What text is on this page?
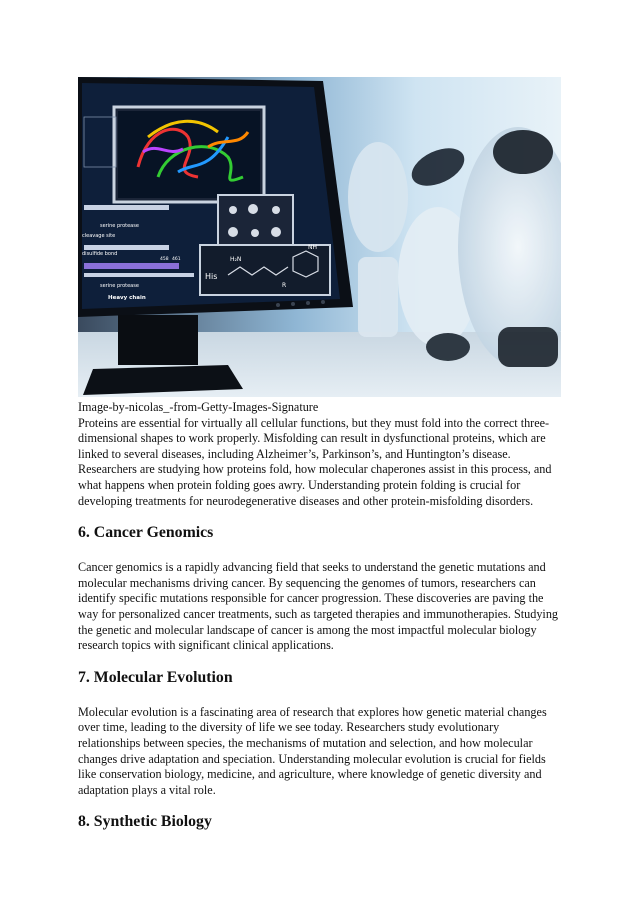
His
H₂N
NH
R
serine protease
cleavage site
disulfide bond
serine protease
Heavy chain
458 461

Image-by-nicolas_-from-Getty-Images-Signature

Proteins are essential for virtually all cellular functions, but they must fold into the correct three-dimensional shapes to work properly. Misfolding can result in dysfunctional proteins, which are linked to several diseases, including Alzheimer’s, Parkinson’s, and Huntington’s disease. Researchers are studying how proteins fold, how molecular chaperones assist in this process, and what happens when protein folding goes awry. Understanding protein folding is crucial for developing treatments for neurodegenerative diseases and other protein-misfolding disorders.

6. Cancer Genomics

Cancer genomics is a rapidly advancing field that seeks to understand the genetic mutations and molecular mechanisms driving cancer. By sequencing the genomes of tumors, researchers can identify specific mutations responsible for cancer progression. These discoveries are paving the way for personalized cancer treatments, such as targeted therapies and immunotherapies. Studying the genetic and molecular landscape of cancer is among the most impactful molecular biology research topics with significant clinical applications.

7. Molecular Evolution

Molecular evolution is a fascinating area of research that explores how genetic material changes over time, leading to the diversity of life we see today. Researchers study evolutionary relationships between species, the mechanisms of mutation and selection, and how molecular changes drive adaptation and speciation. Understanding molecular evolution is crucial for fields like conservation biology, medicine, and agriculture, where knowledge of genetic diversity and adaptation plays a vital role.

8. Synthetic Biology
